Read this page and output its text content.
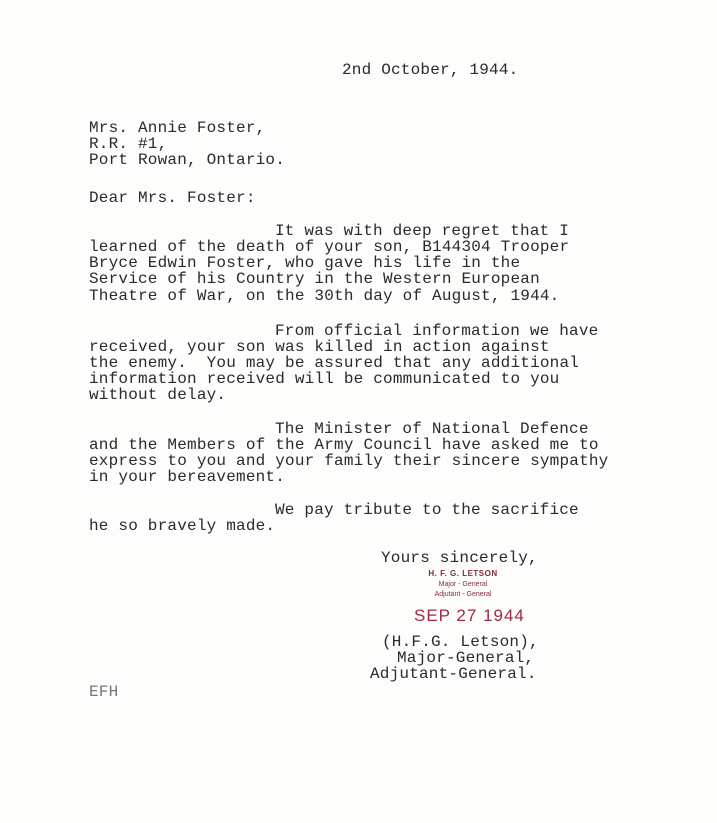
2nd October, 1944.
Mrs. Annie Foster,
R.R. #1,
Port Rowan, Ontario.
Dear Mrs. Foster:
It was with deep regret that I
learned of the death of your son, B144304 Trooper
Bryce Edwin Foster, who gave his life in the
Service of his Country in the Western European
Theatre of War, on the 30th day of August, 1944.
From official information we have
received, your son was killed in action against
the enemy.  You may be assured that any additional
information received will be communicated to you
without delay.
The Minister of National Defence
and the Members of the Army Council have asked me to
express to you and your family their sincere sympathy
in your bereavement.
We pay tribute to the sacrifice
he so bravely made.
Yours sincerely,
H. F. G. LETSON
Major - General
Adjutant - General
SEP 27 1944
(H.F.G. Letson),
Major-General,
Adjutant-General.
EFH
